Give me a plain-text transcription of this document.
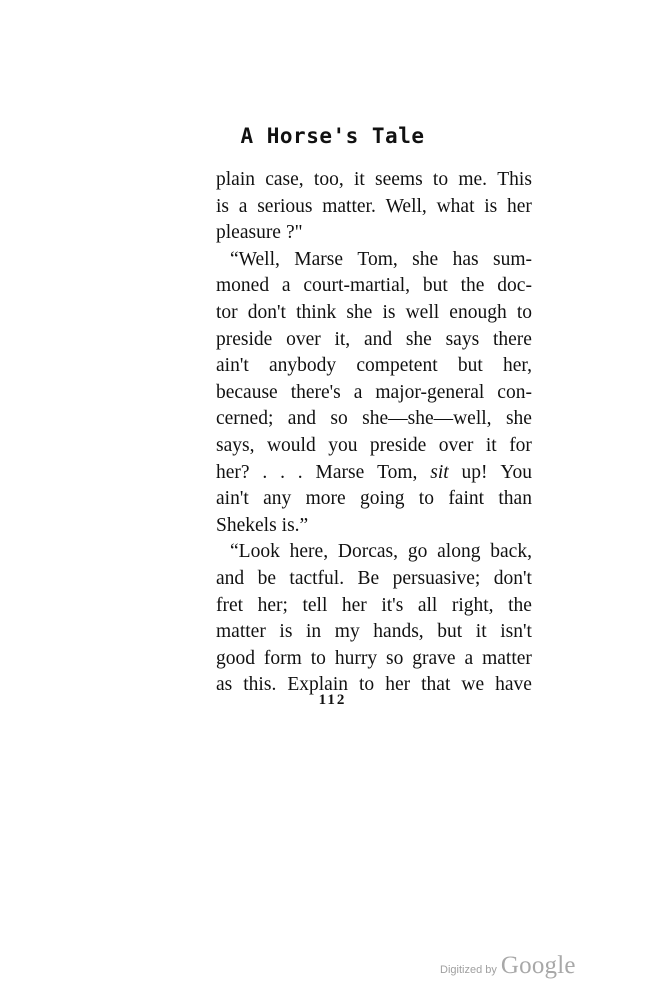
A Horse's Tale
plain case, too, it seems to me. This
is a serious matter. Well, what is her
pleasure ?"
“Well, Marse Tom, she has sum-
moned a court-martial, but the doc-
tor don't think she is well enough to
preside over it, and she says there
ain't anybody competent but her,
because there's a major-general con-
cerned; and so she—she—well, she
says, would you preside over it for
her? . . . Marse Tom, sit up! You
ain't any more going to faint than
Shekels is.”
“Look here, Dorcas, go along back,
and be tactful. Be persuasive; don't
fret her; tell her it's all right, the
matter is in my hands, but it isn't
good form to hurry so grave a matter
as this. Explain to her that we have
112
Digitized by Google
